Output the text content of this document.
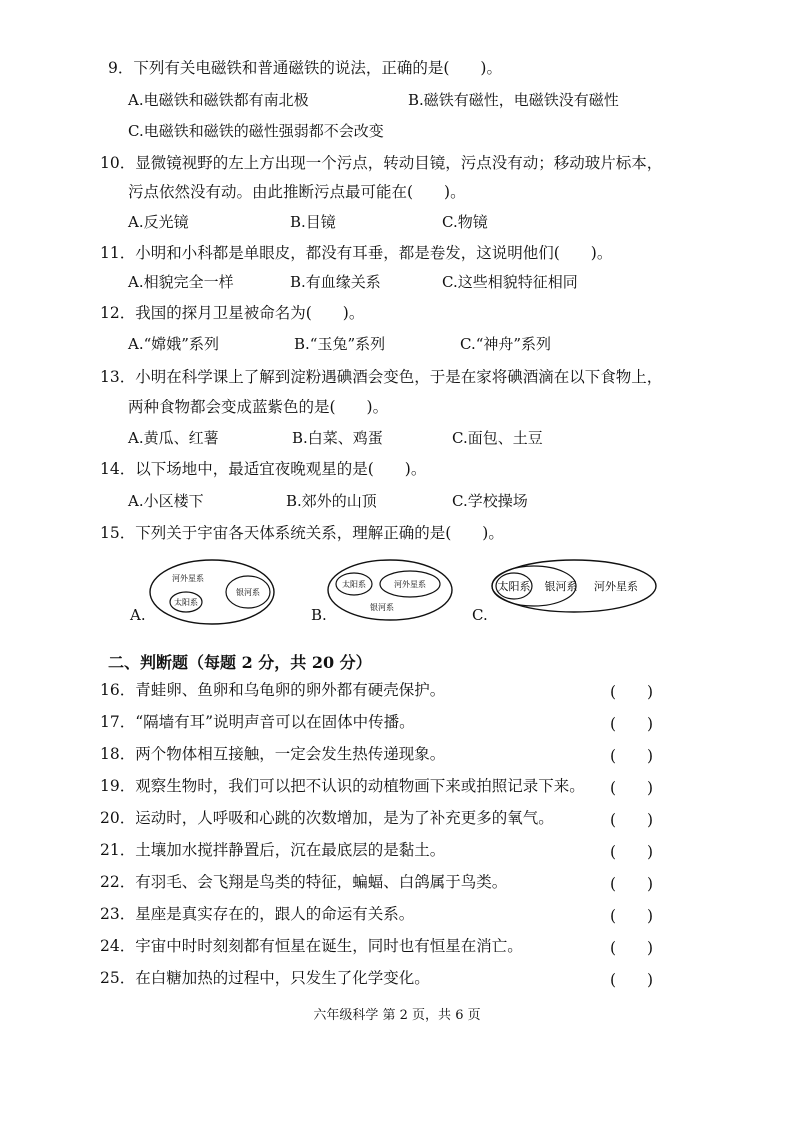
9．下列有关电磁铁和普通磁铁的说法，正确的是(　　)。
A.电磁铁和磁铁都有南北极	B.磁铁有磁性，电磁铁没有磁性
C.电磁铁和磁铁的磁性强弱都不会改变
10．显微镜视野的左上方出现一个污点，转动目镜，污点没有动；移动玻片标本，
污点依然没有动。由此推断污点最可能在(　　)。
A.反光镜	B.目镜	C.物镜
11．小明和小科都是单眼皮，都没有耳垂，都是卷发，这说明他们(　　)。
A.相貌完全一样	B.有血缘关系	C.这些相貌特征相同
12．我国的探月卫星被命名为(　　)。
A.“嫦娥”系列	B.“玉兔”系列	C.“神舟”系列
13．小明在科学课上了解到淀粉遇碘酒会变色，于是在家将碘酒滴在以下食物上，
两种食物都会变成蓝紫色的是(　　)。
A.黄瓜、红薯	B.白菜、鸡蛋	C.面包、土豆
14．以下场地中，最适宜夜晚观星的是(　　)。
A.小区楼下	B.郊外的山顶	C.学校操场
15．下列关于宇宙各天体系统关系，理解正确的是(　　)。
A.
河外星系
太阳系
银河系
B.
太阳系	河外星系
银河系	C.
太阳系 银河系 河外星系
二、判断题（每题 2 分，共 20 分）
16．青蛙卵、鱼卵和乌龟卵的卵外都有硬壳保护。	(　　)
17．“隔墙有耳”说明声音可以在固体中传播。	(　　)
18．两个物体相互接触，一定会发生热传递现象。	(　　)
19．观察生物时，我们可以把不认识的动植物画下来或拍照记录下来。 (　　)
20．运动时，人呼吸和心跳的次数增加，是为了补充更多的氧气。	(　　)
21．土壤加水搅拌静置后，沉在最底层的是黏土。	(　　)
22．有羽毛、会飞翔是鸟类的特征，蝙蝠、白鸽属于鸟类。	(　　)
23．星座是真实存在的，跟人的命运有关系。	(　　)
24．宇宙中时时刻刻都有恒星在诞生，同时也有恒星在消亡。	(　　)
25．在白糖加热的过程中，只发生了化学变化。	(　　)
六年级科学 第 2 页，共 6 页
